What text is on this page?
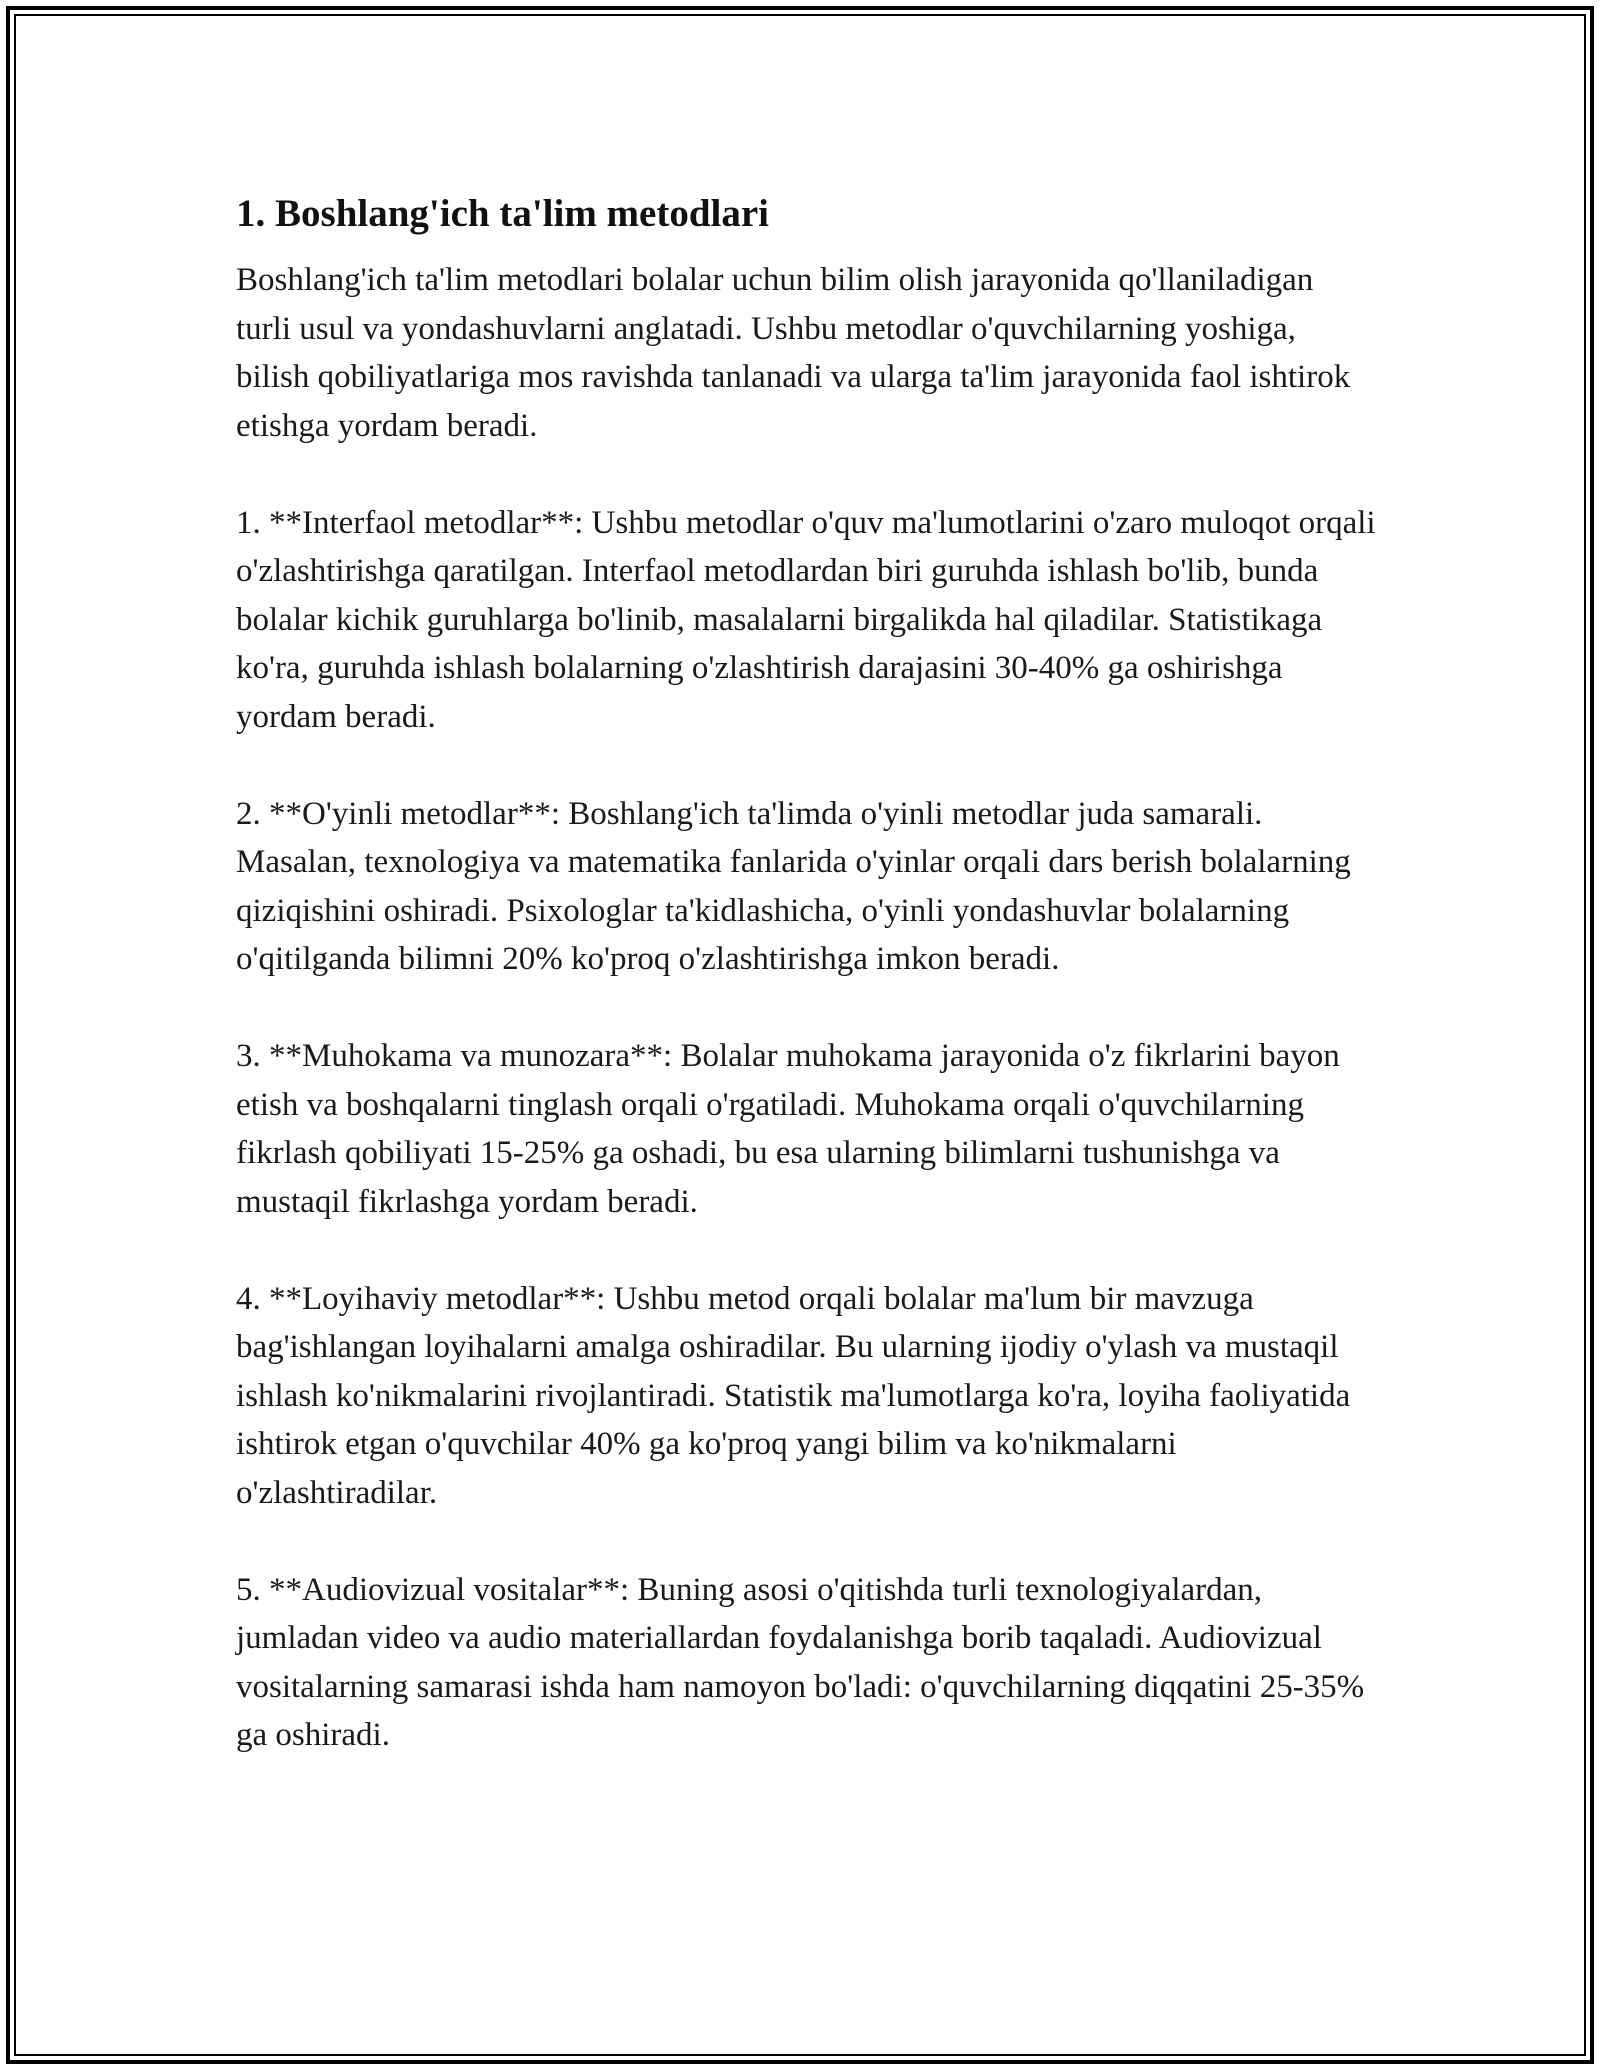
1. Boshlang'ich ta'lim metodlari

Boshlang'ich ta'lim metodlari bolalar uchun bilim olish jarayonida qo'llaniladigan turli usul va yondashuvlarni anglatadi. Ushbu metodlar o'quvchilarning yoshiga, bilish qobiliyatlariga mos ravishda tanlanadi va ularga ta'lim jarayonida faol ishtirok etishga yordam beradi.

1. **Interfaol metodlar**: Ushbu metodlar o'quv ma'lumotlarini o'zaro muloqot orqali o'zlashtirishga qaratilgan. Interfaol metodlardan biri guruhda ishlash bo'lib, bunda bolalar kichik guruhlarga bo'linib, masalalarni birgalikda hal qiladilar. Statistikaga ko'ra, guruhda ishlash bolalarning o'zlashtirish darajasini 30-40% ga oshirishga yordam beradi.

2. **O'yinli metodlar**: Boshlang'ich ta'limda o'yinli metodlar juda samarali. Masalan, texnologiya va matematika fanlarida o'yinlar orqali dars berish bolalarning qiziqishini oshiradi. Psixologlar ta'kidlashicha, o'yinli yondashuvlar bolalarning o'qitilganda bilimni 20% ko'proq o'zlashtirishga imkon beradi.

3. **Muhokama va munozara**: Bolalar muhokama jarayonida o'z fikrlarini bayon etish va boshqalarni tinglash orqali o'rgatiladi. Muhokama orqali o'quvchilarning fikrlash qobiliyati 15-25% ga oshadi, bu esa ularning bilimlarni tushunishga va mustaqil fikrlashga yordam beradi.

4. **Loyihaviy metodlar**: Ushbu metod orqali bolalar ma'lum bir mavzuga bag'ishlangan loyihalarni amalga oshiradilar. Bu ularning ijodiy o'ylash va mustaqil ishlash ko'nikmalarini rivojlantiradi. Statistik ma'lumotlarga ko'ra, loyiha faoliyatida ishtirok etgan o'quvchilar 40% ga ko'proq yangi bilim va ko'nikmalarni o'zlashtiradilar.

5. **Audiovizual vositalar**: Buning asosi o'qitishda turli texnologiyalardan, jumladan video va audio materiallardan foydalanishga borib taqaladi. Audiovizual vositalarning samarasi ishda ham namoyon bo'ladi: o'quvchilarning diqqatini 25-35% ga oshiradi.
